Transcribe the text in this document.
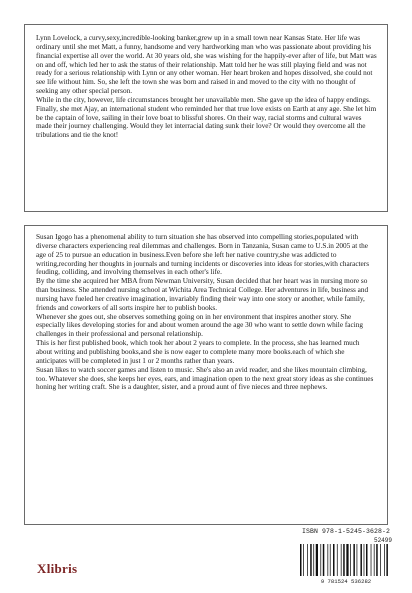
Lynn Lovelock, a curvy,sexy,incredible-looking banker,grew up in a small town near Kansas State. Her life was ordinary until she met Matt, a funny, handsome and very hardworking man who was passionate about providing his financial expertise all over the world. At 30 years old, she was wishing for the happily-ever after of life, but Matt was on and off, which led her to ask the status of their relationship. Matt told her he was still playing field and was not ready for a serious relationship with Lynn or any other woman. Her heart broken and hopes dissolved, she could not see life without him. So, she left the town she was born and raised in and moved to the city with no thought of seeking any other special person.

While in the city, however, life circumstances brought her unavailable men. She gave up the idea of happy endings.

Finally, she met Ajay, an international student who reminded her that true love exists on Earth at any age. She let him be the captain of love, sailing in their love boat to blissful shores. On their way, racial storms and cultural waves made their journey challenging. Would they let interracial dating sunk their love? Or would they overcome all the tribulations and tie the knot!

Susan Igogo has a phenomenal ability to turn situation she has observed into compelling stories,populated with diverse characters experiencing real dilemmas and challenges. Born in Tanzania, Susan came to U.S.in 2005 at the age of 25 to pursue an education in business.Even before she left her native country,she was addicted to writing,recording her thoughts in journals and turning incidents or discoveries into ideas for stories,with characters feuding, colliding, and involving themselves in each other's life.

By the time she acquired her MBA from Newman University, Susan decided that her heart was in nursing more so than business. She attended nursing school at Wichita Area Technical College. Her adventures in life, business and nursing have fueled her creative imagination, invariably finding their way into one story or another, while family, friends and coworkers of all sorts inspire her to publish books.

Whenever she goes out, she observes something going on in her environment that inspires another story. She especially likes developing stories for and about women around the age 30 who want to settle down while facing challenges in their professional and personal relationship.

This is her first published book, which took her about 2 years to complete. In the process, she has learned much about writing and publishing books,and she is now eager to complete many more books.each of which she anticipates will be completed in just 1 or 2 months rather than years.

Susan likes to watch soccer games and listen to music. She's also an avid reader, and she likes mountain climbing, too. Whatever she does, she keeps her eyes, ears, and imagination open to the next great story ideas as she continues honing her writing craft. She is a daughter, sister, and a proud aunt of five nieces and three nephews.

ISBN 978-1-5245-3628-2
52499
9 781524 536282
Xlibris
